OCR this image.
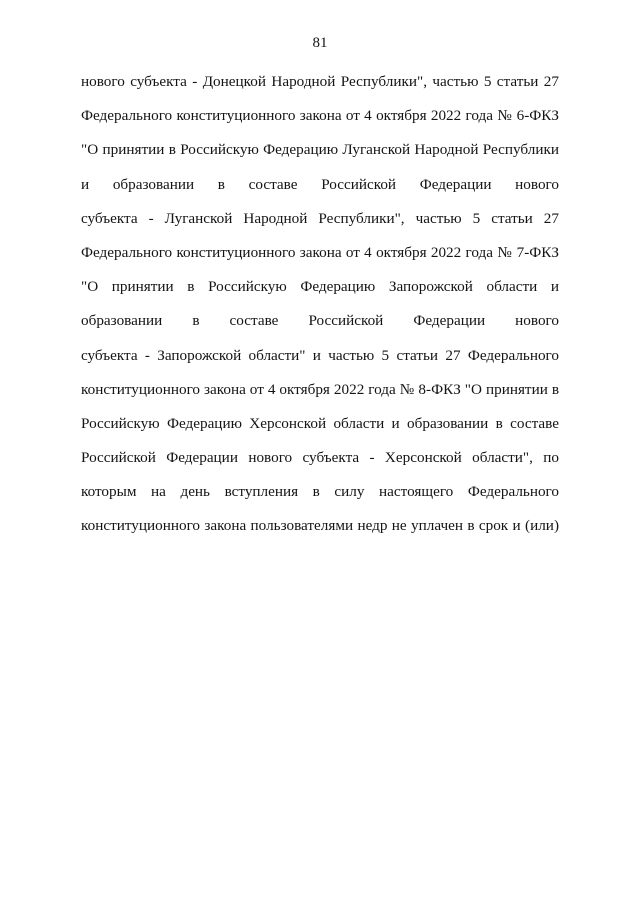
81
нового субъекта - Донецкой Народной Республики", частью 5 статьи 27
Федерального конституционного закона от 4 октября 2022 года № 6-ФКЗ
"О принятии в Российскую Федерацию Луганской Народной Республики
и образовании в составе Российской Федерации нового
субъекта - Луганской Народной Республики", частью 5 статьи 27
Федерального конституционного закона от 4 октября 2022 года № 7-ФКЗ
"О принятии в Российскую Федерацию Запорожской области и
образовании в составе Российской Федерации нового
субъекта - Запорожской области" и частью 5 статьи 27 Федерального
конституционного закона от 4 октября 2022 года № 8-ФКЗ "О принятии в
Российскую Федерацию Херсонской области и образовании в составе
Российской Федерации нового субъекта - Херсонской области", по
которым на день вступления в силу настоящего Федерального
конституционного закона пользователями недр не уплачен в срок и (или)
